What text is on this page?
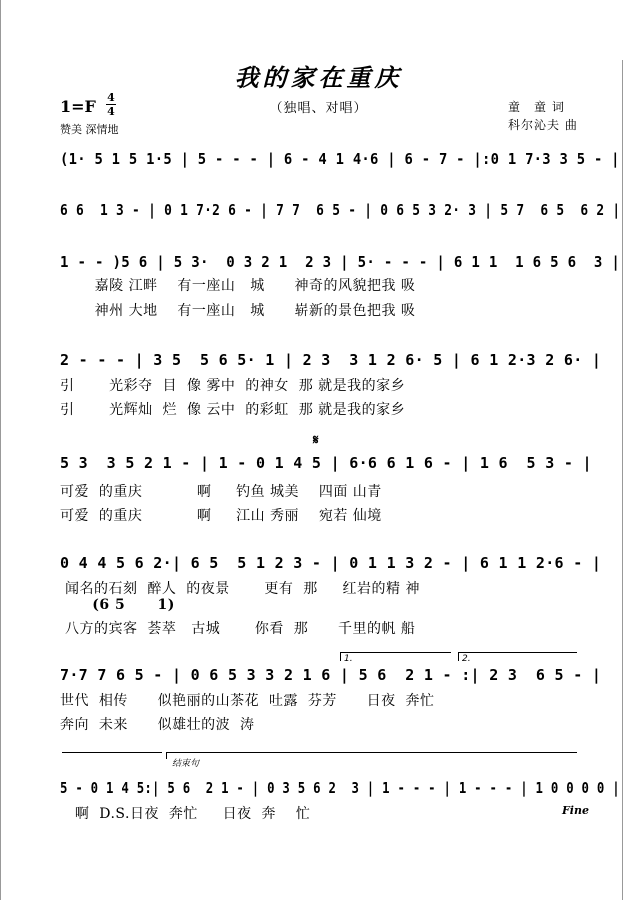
我的家在重庆
（独唱、对唱）
1=F 4
4
赞美 深情地
童　童 词
科尔沁夫 曲
(1· 5 1 5 1·5 | 5 - - - | 6 - 4 1 4·6 | 6 - 7 - |:0 1 7·3 3 5 - |
6 6  1 3 - | 0 1 7·2 6 - | 7 7  6 5 - | 0 6 5 3 2· 3 | 5 7  6 5  6 2 |
1 - - )5 6 | 5 3·  0 3 2 1  2 3 | 5· - - - | 6 1 1  1 6 5 6  3 |
嘉陵 江畔    有一座山   城      神奇的风貌把我 吸
神州 大地    有一座山   城      崭新的景色把我 吸
2 - - - | 3 5  5 6 5· 1 | 2 3  3 1 2 6· 5 | 6 1 2·3 2 6· |
引       光彩夺  目  像 雾中  的神女  那 就是我的家乡
引       光辉灿  烂  像 云中  的彩虹  那 就是我的家乡
𝄋
5 3  3 5 2 1 - | 1 - 0 1 4 5 | 6·6 6 1 6 - | 1 6  5 3 - |
可爱  的重庆           啊     钓鱼 城美    四面 山青
可爱  的重庆           啊     江山 秀丽    宛若 仙境
0 4 4 5 6 2·| 6 5  5 1 2 3 - | 0 1 1 3 2 - | 6 1 1 2·6 - |
闻名的石刻  醉人  的夜景       更有  那     红岩的精 神
(6 5      1)
八方的宾客  荟萃   古城       你看  那      千里的帆 船
1.	2.
7·7 7 6 5 - | 0 6 5 3 3 2 1 6 | 5 6  2 1 - :| 2 3  6 5 - |
世代  相传      似艳丽的山茶花  吐露  芬芳      日夜  奔忙
奔向  未来      似雄壮的波  涛
结束句
5 - 0 1 4 5:| 5 6  2 1 - | 0 3 5 6 2  3 | 1 - - - | 1 - - - | 1 0 0 0 0 |
啊  D.S.日夜  奔忙     日夜  奔    忙	Fine
